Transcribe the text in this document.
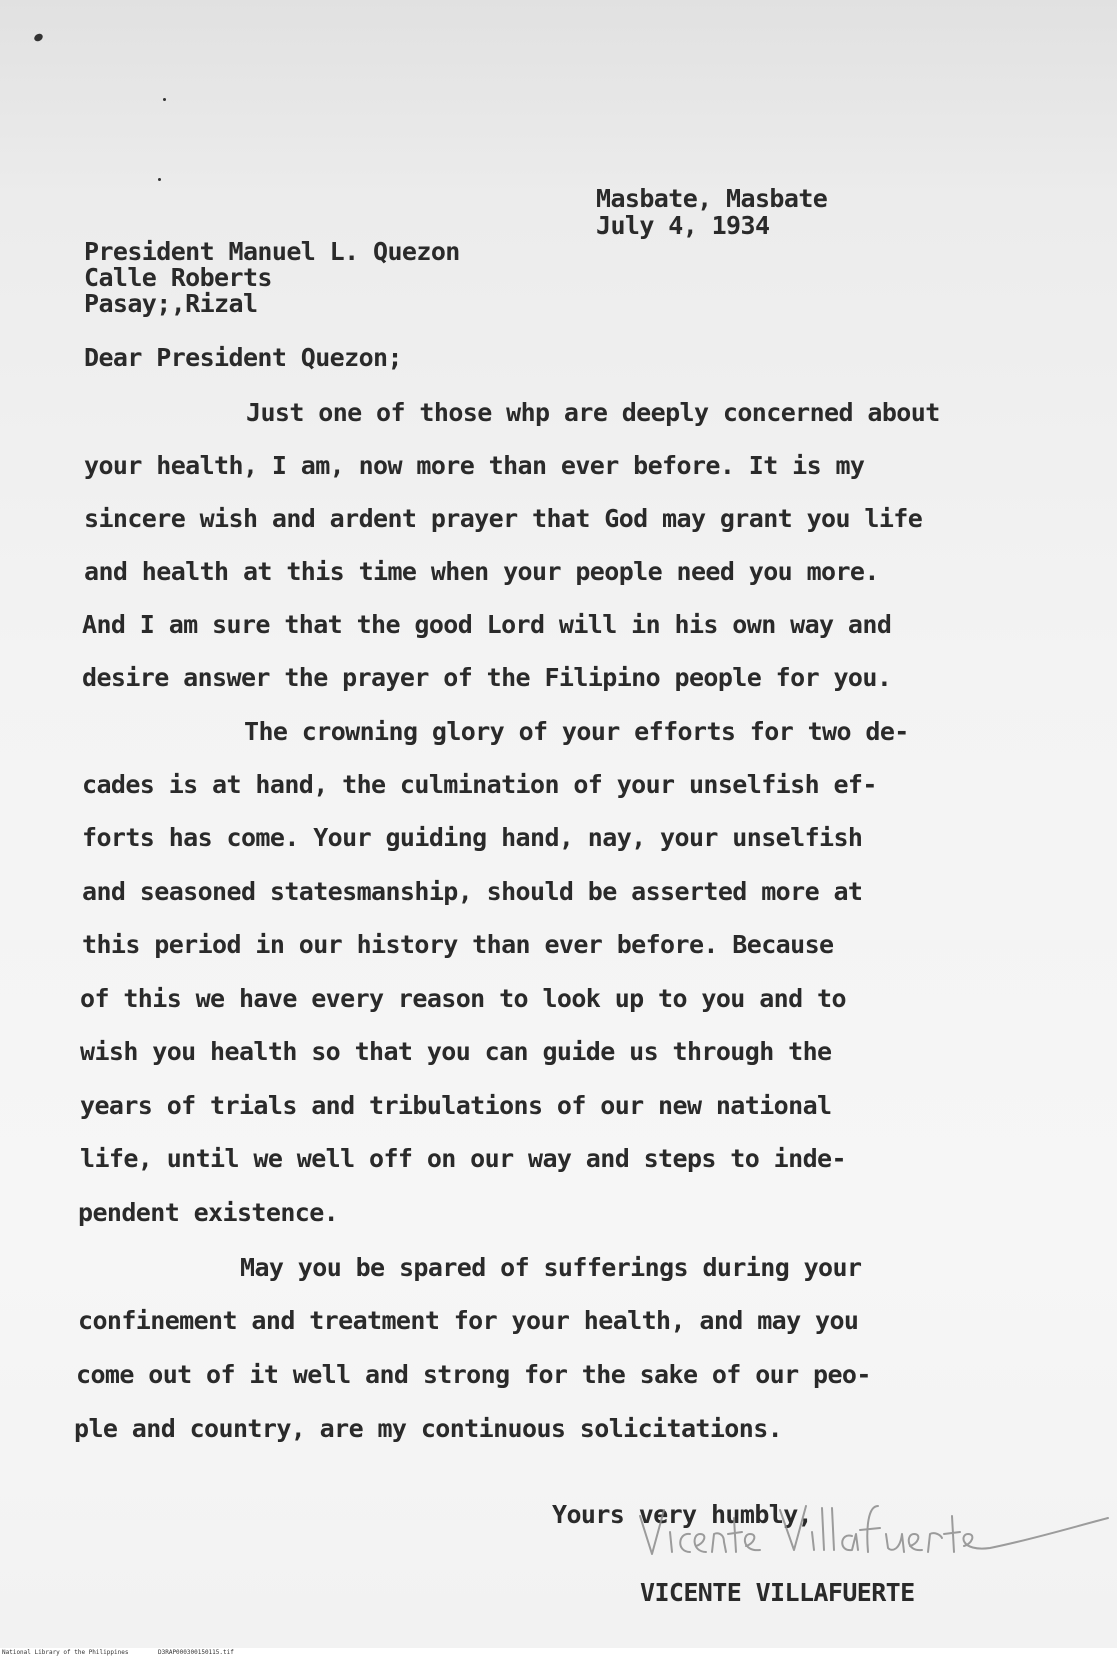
Masbate, Masbate
July 4, 1934
President Manuel L. Quezon
Calle Roberts
Pasay;,Rizal
Dear President Quezon;
Just one of those whp are deeply concerned about
your health, I am, now more than ever before. It is my
sincere wish and ardent prayer that God may grant you life
and health at this time when your people need you more.
And I am sure that the good Lord will in his own way and
desire answer the prayer of the Filipino people for you.
The crowning glory of your efforts for two de-
cades is at hand, the culmination of your unselfish ef-
forts has come. Your guiding hand, nay, your unselfish
and seasoned statesmanship, should be asserted more at
this period in our history than ever before. Because
of this we have every reason to look up to you and to
wish you health so that you can guide us through the
years of trials and tribulations of our new national
life, until we well off on our way and steps to inde-
pendent existence.
May you be spared of sufferings during your
confinement and treatment for your health, and may you
come out of it well and strong for the sake of our peo-
ple and country, are my continuous solicitations.
Yours very humbly,
VICENTE VILLAFUERTE
National Library of the Philippines	D3RAP000300150115.tif
